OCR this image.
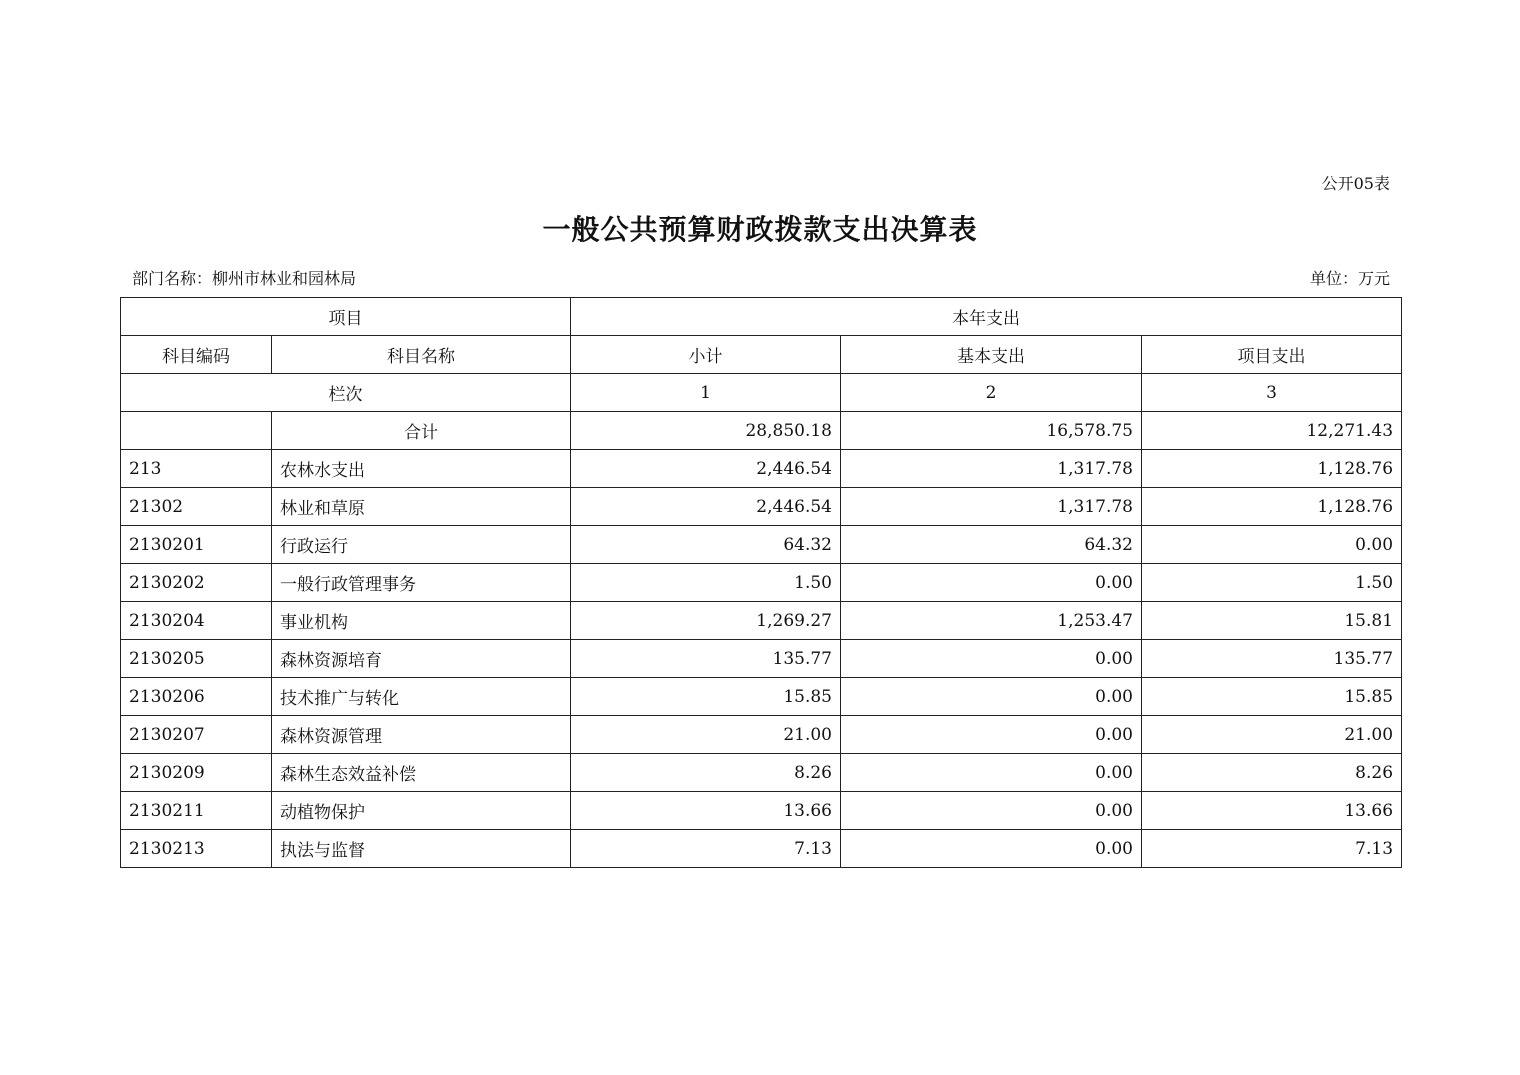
公开05表
一般公共预算财政拨款支出决算表
部门名称：柳州市林业和园林局	单位：万元
项目		本年支出		
科目编码	科目名称	小计	基本支出	项目支出
栏次		1	2	3
	合计	28,850.18	16,578.75	12,271.43
213	农林水支出	2,446.54	1,317.78	1,128.76
21302	林业和草原	2,446.54	1,317.78	1,128.76
2130201	行政运行	64.32	64.32	0.00
2130202	一般行政管理事务	1.50	0.00	1.50
2130204	事业机构	1,269.27	1,253.47	15.81
2130205	森林资源培育	135.77	0.00	135.77
2130206	技术推广与转化	15.85	0.00	15.85
2130207	森林资源管理	21.00	0.00	21.00
2130209	森林生态效益补偿	8.26	0.00	8.26
2130211	动植物保护	13.66	0.00	13.66
2130213	执法与监督	7.13	0.00	7.13
